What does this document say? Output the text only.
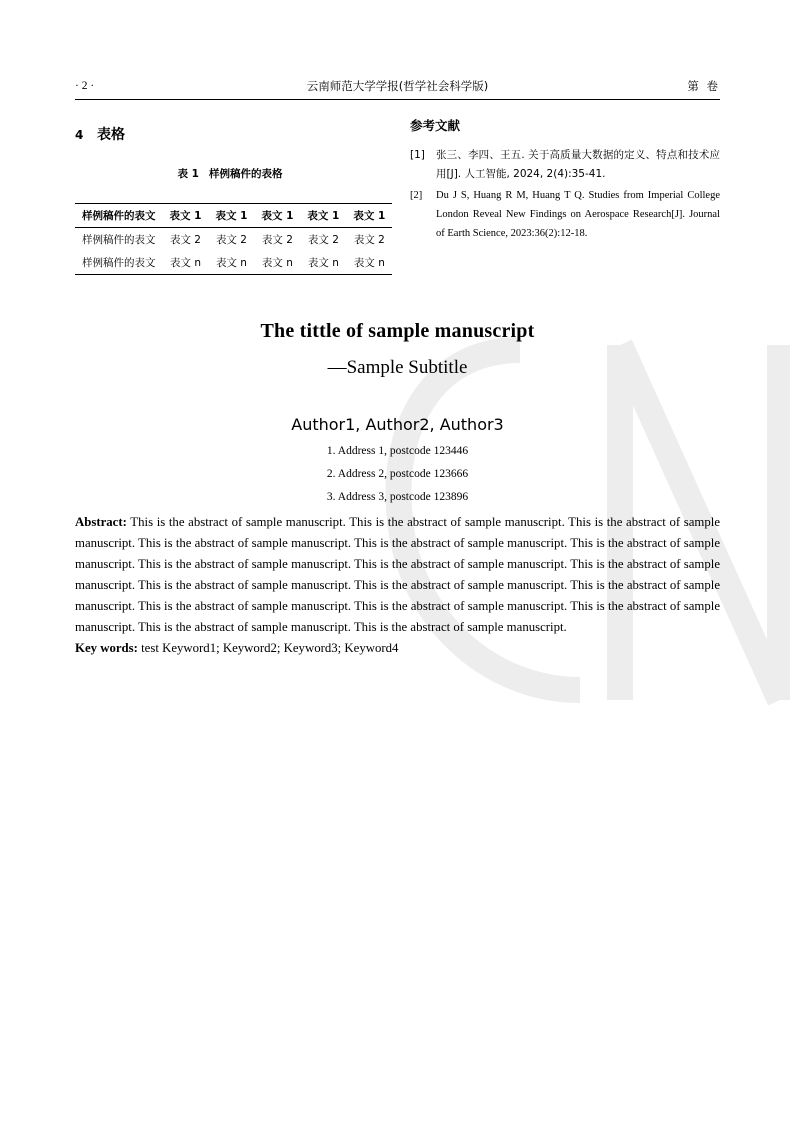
· 2 ·	云南师范大学学报(哲学社会科学版)	第 卷
4 表格
表 1 样例稿件的表格
样例稿件的表文	表文 1	表文 1	表文 1	表文 1	表文 1
样例稿件的表文	表文 2	表文 2	表文 2	表文 2	表文 2
样例稿件的表文	表文 n	表文 n	表文 n	表文 n	表文 n
参考文献
[1] 张三、李四、王五. 关于高质量大数据的定义、特点和技术应用[J]. 人工智能, 2024, 2(4):35-41.
[2] Du J S, Huang R M, Huang T Q. Studies from Imperial College London Reveal New Findings on Aerospace Research[J]. Journal of Earth Science, 2023:36(2):12-18.
The tittle of sample manuscript
—Sample Subtitle
Author1, Author2, Author3
1. Address 1, postcode 123446
2. Address 2, postcode 123666
3. Address 3, postcode 123896

Abstract: This is the abstract of sample manuscript. This is the abstract of sample manuscript. This is the abstract of sample manuscript. This is the abstract of sample manuscript. This is the abstract of sample manuscript. This is the abstract of sample manuscript. This is the abstract of sample manuscript. This is the abstract of sample manuscript. This is the abstract of sample manuscript. This is the abstract of sample manuscript. This is the abstract of sample manuscript. This is the abstract of sample manuscript. This is the abstract of sample manuscript. This is the abstract of sample manuscript. This is the abstract of sample manuscript. This is the abstract of sample manuscript. This is the abstract of sample manuscript.

Key words: test Keyword1; Keyword2; Keyword3; Keyword4
